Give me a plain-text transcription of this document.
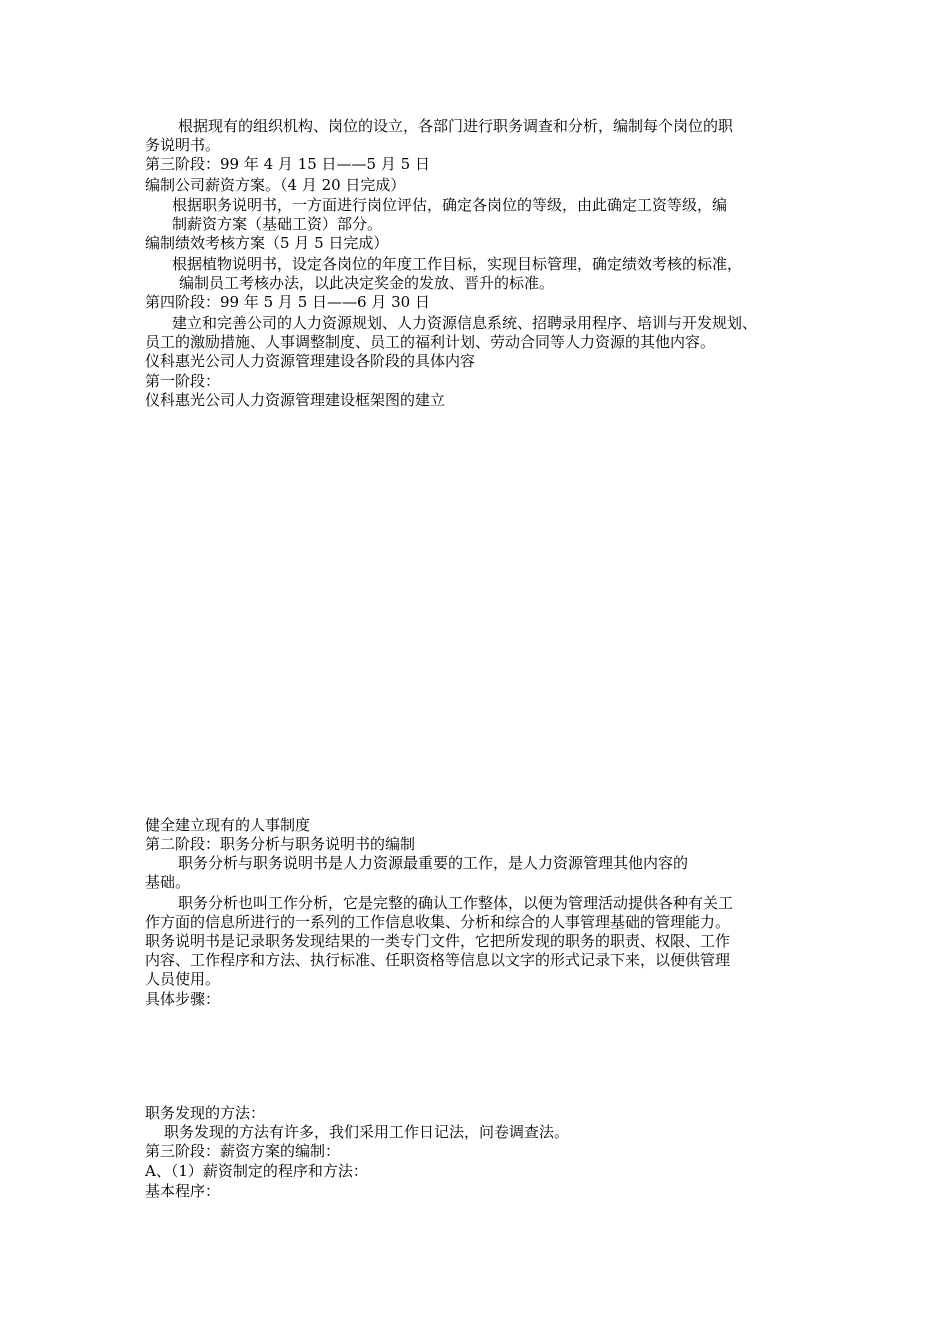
根据现有的组织机构、岗位的设立，各部门进行职务调查和分析，编制每个岗位的职
务说明书。
第三阶段：99 年 4 月 15 日——5 月 5 日
编制公司薪资方案。（4 月 20 日完成）
根据职务说明书，一方面进行岗位评估，确定各岗位的等级，由此确定工资等级，编
制薪资方案（基础工资）部分。
编制绩效考核方案（5 月 5 日完成）
根据植物说明书，设定各岗位的年度工作目标，实现目标管理，确定绩效考核的标准，
编制员工考核办法，以此决定奖金的发放、晋升的标准。
第四阶段：99 年 5 月 5 日——6 月 30 日
建立和完善公司的人力资源规划、人力资源信息系统、招聘录用程序、培训与开发规划、
员工的激励措施、人事调整制度、员工的福利计划、劳动合同等人力资源的其他内容。
仪科惠光公司人力资源管理建设各阶段的具体内容
第一阶段：
仪科惠光公司人力资源管理建设框架图的建立
健全建立现有的人事制度
第二阶段：职务分析与职务说明书的编制
职务分析与职务说明书是人力资源最重要的工作，是人力资源管理其他内容的
基础。
职务分析也叫工作分析，它是完整的确认工作整体，以便为管理活动提供各种有关工
作方面的信息所进行的一系列的工作信息收集、分析和综合的人事管理基础的管理能力。
职务说明书是记录职务发现结果的一类专门文件，它把所发现的职务的职责、权限、工作
内容、工作程序和方法、执行标准、任职资格等信息以文字的形式记录下来，以便供管理
人员使用。
具体步骤：
职务发现的方法：
职务发现的方法有许多，我们采用工作日记法，问卷调查法。
第三阶段：薪资方案的编制：
A、（1）薪资制定的程序和方法：
基本程序：
